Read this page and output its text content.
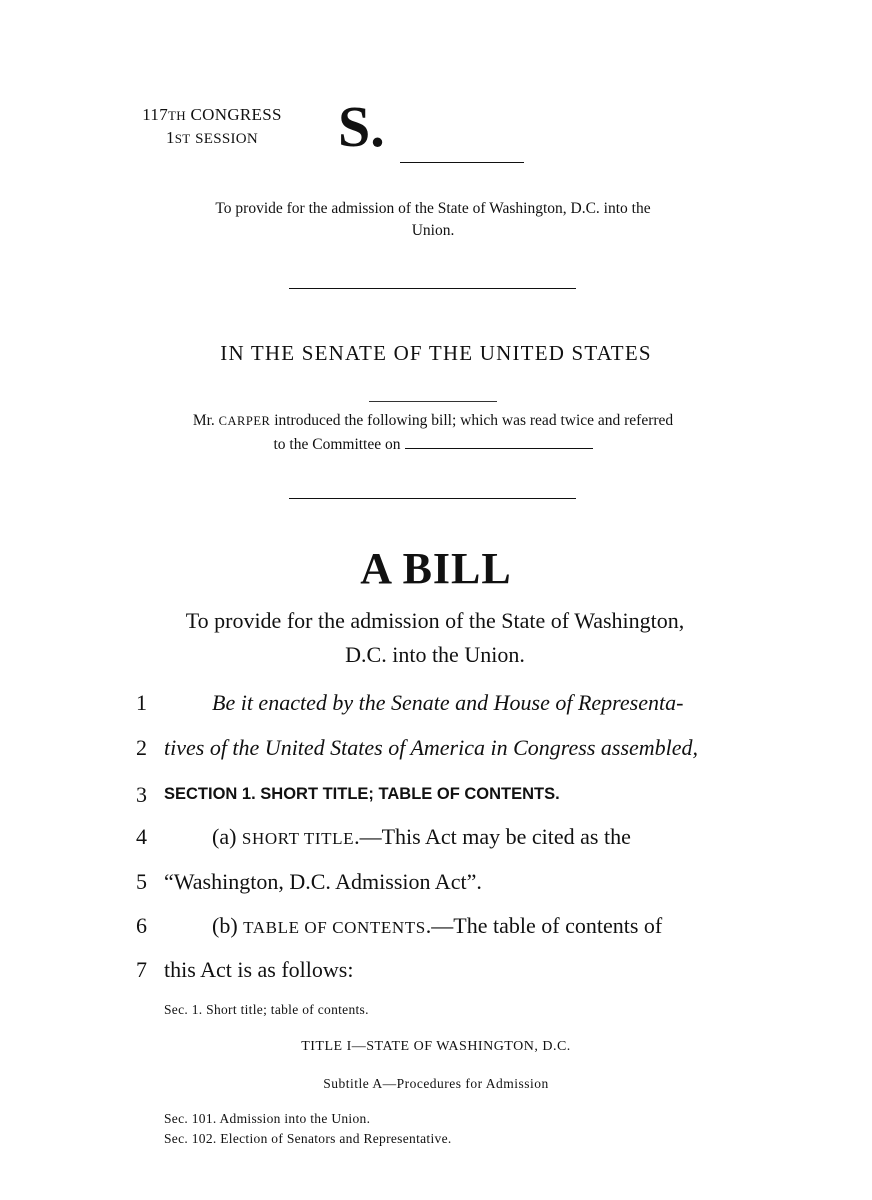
117TH CONGRESS
1ST SESSION	S.
To provide for the admission of the State of Washington, D.C. into the
Union.
IN THE SENATE OF THE UNITED STATES
Mr. CARPER introduced the following bill; which was read twice and referred
to the Committee on
A BILL
To provide for the admission of the State of Washington,
D.C. into the Union.
1	Be it enacted by the Senate and House of Representa-
2 tives of the United States of America in Congress assembled,
3	SECTION 1. SHORT TITLE; TABLE OF CONTENTS.
4	(a) SHORT TITLE.—This Act may be cited as the
5 “Washington, D.C. Admission Act”.
6	(b) TABLE OF CONTENTS.—The table of contents of
7 this Act is as follows:
Sec. 1. Short title; table of contents.
TITLE I—STATE OF WASHINGTON, D.C.
Subtitle A—Procedures for Admission
Sec. 101. Admission into the Union.
Sec. 102. Election of Senators and Representative.
